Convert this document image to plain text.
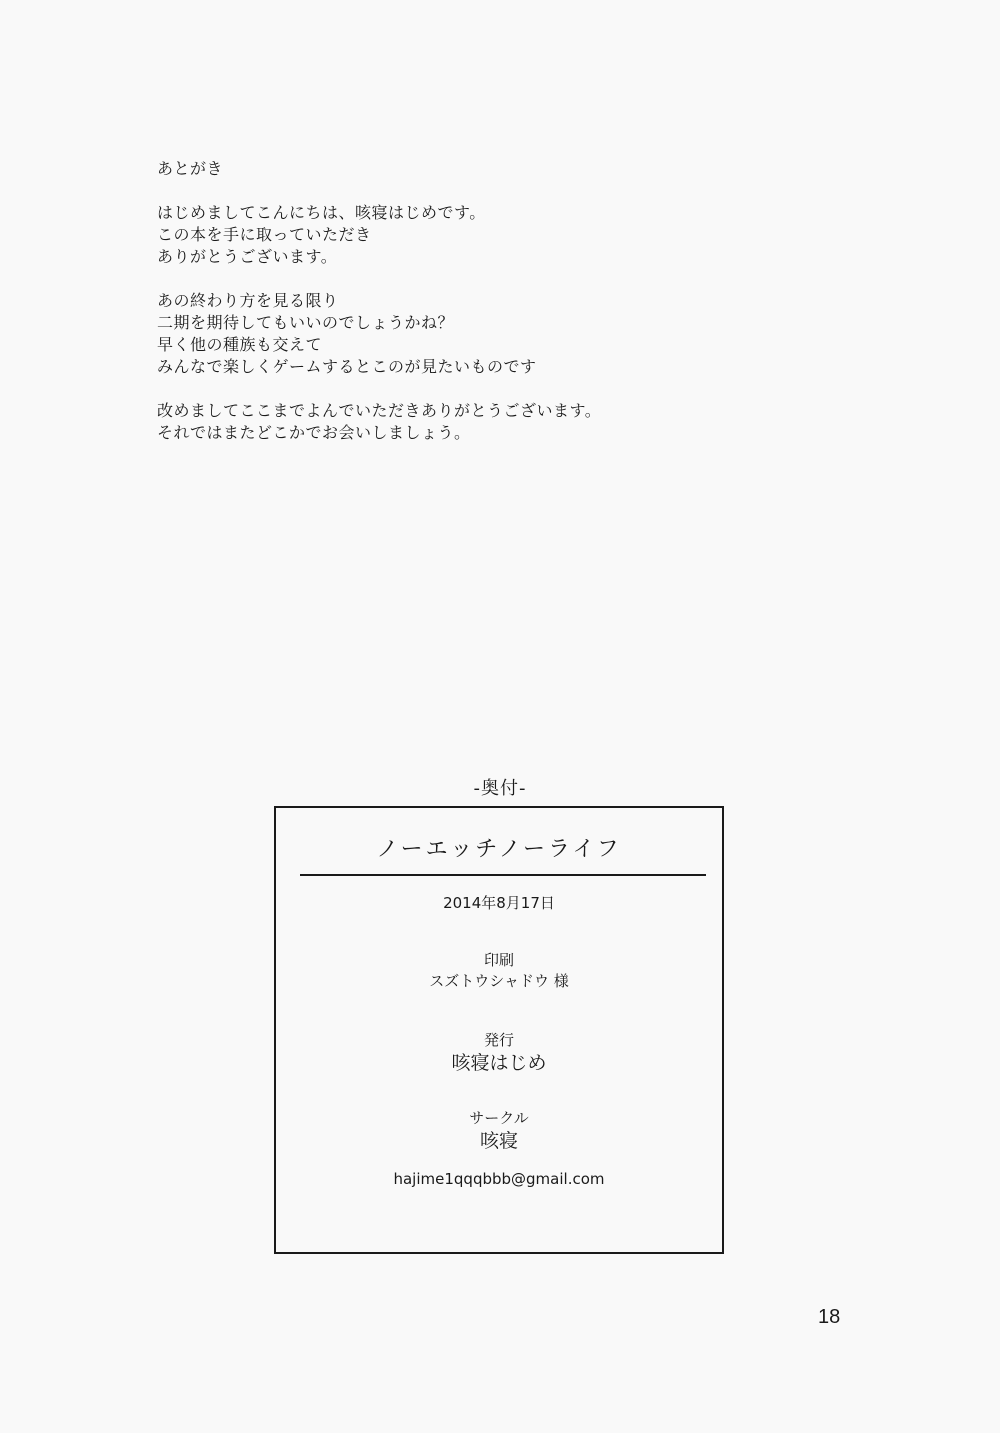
あとがき
はじめましてこんにちは、咳寝はじめです。
この本を手に取っていただき
ありがとうございます。
あの終わり方を見る限り
二期を期待してもいいのでしょうかね？
早く他の種族も交えて
みんなで楽しくゲームするとこのが見たいものです
改めましてここまでよんでいただきありがとうございます。
それではまたどこかでお会いしましょう。
-奥付-
ノーエッチノーライフ
2014年8月17日
印刷
スズトウシャドウ 様
発行
咳寝はじめ
サークル
咳寝
hajime1qqqbbb@gmail.com
18
